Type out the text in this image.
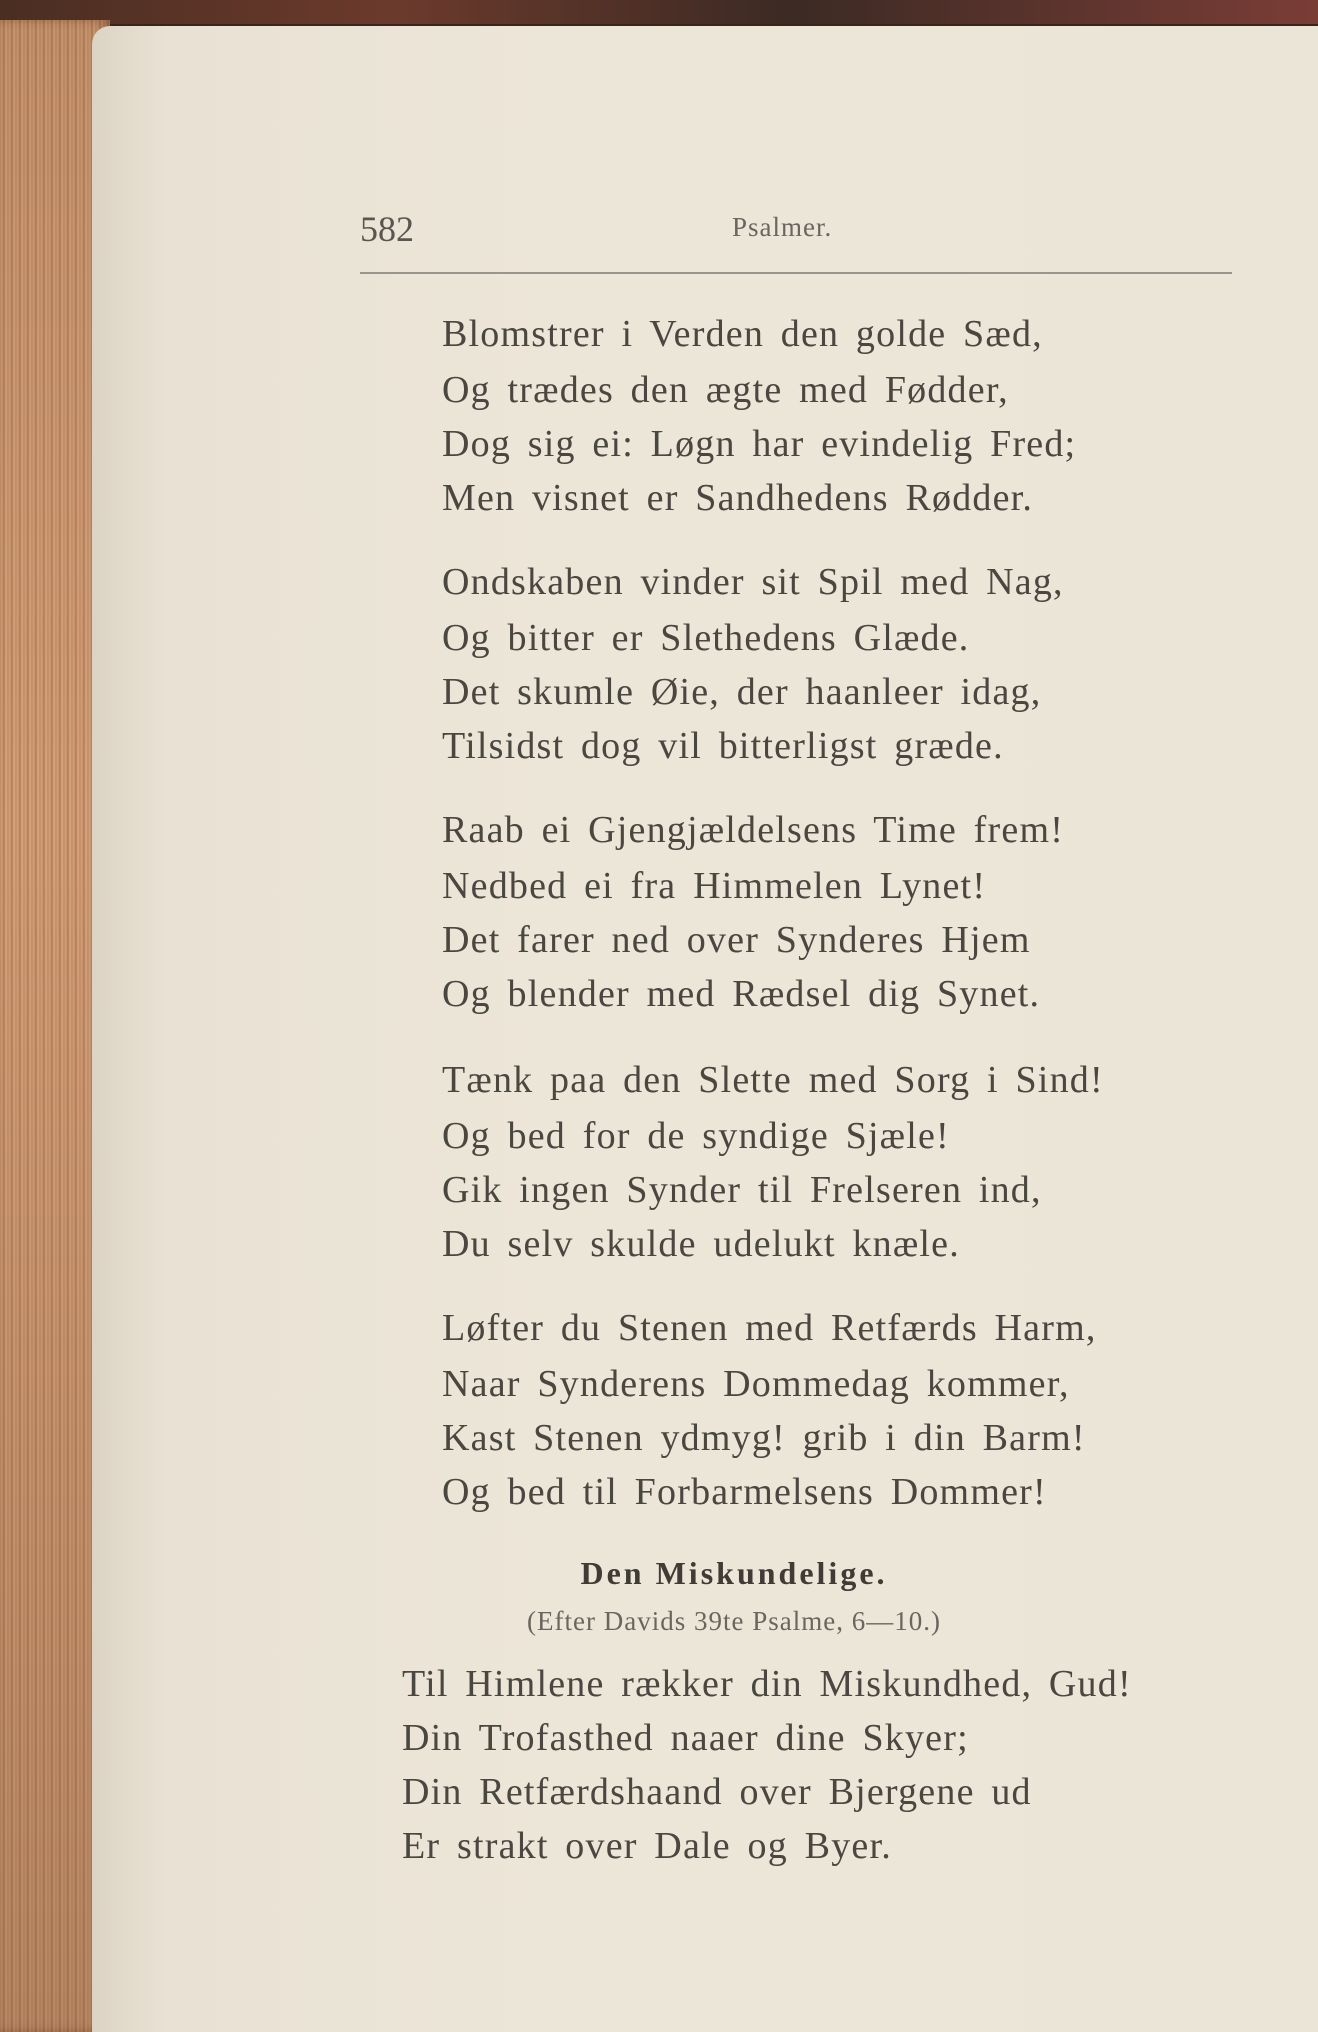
582	Psalmer.
Blomstrer i Verden den golde Sæd,
Og trædes den ægte med Fødder,
Dog sig ei: Løgn har evindelig Fred;
Men visnet er Sandhedens Rødder.
Ondskaben vinder sit Spil med Nag,
Og bitter er Slethedens Glæde.
Det skumle Øie, der haanleer idag,
Tilsidst dog vil bitterligst græde.
Raab ei Gjengjældelsens Time frem!
Nedbed ei fra Himmelen Lynet!
Det farer ned over Synderes Hjem
Og blender med Rædsel dig Synet.
Tænk paa den Slette med Sorg i Sind!
Og bed for de syndige Sjæle!
Gik ingen Synder til Frelseren ind,
Du selv skulde udelukt knæle.
Løfter du Stenen med Retfærds Harm,
Naar Synderens Dommedag kommer,
Kast Stenen ydmyg! grib i din Barm!
Og bed til Forbarmelsens Dommer!
Den Miskundelige.
(Efter Davids 39te Psalme, 6—10.)
Til Himlene rækker din Miskundhed, Gud!
Din Trofasthed naaer dine Skyer;
Din Retfærdshaand over Bjergene ud
Er strakt over Dale og Byer.
